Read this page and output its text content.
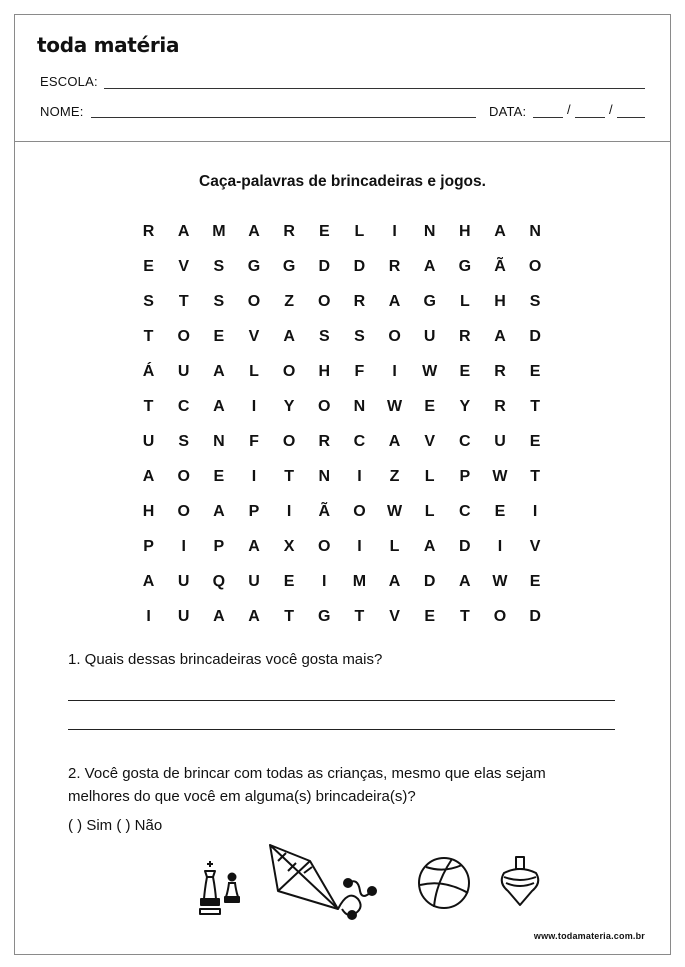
toda matéria
ESCOLA:
NOME:	DATA:	/	/
Caça-palavras de brincadeiras e jogos.
R	A	M	A	R	E	L	I	N	H	A	N
E	V	S	G	G	D	D	R	A	G	Ã	O
S	T	S	O	Z	O	R	A	G	L	H	S
T	O	E	V	A	S	S	O	U	R	A	D
Á	U	A	L	O	H	F	I	W	E	R	E
T	C	A	I	Y	O	N	W	E	Y	R	T
U	S	N	F	O	R	C	A	V	C	U	E
A	O	E	I	T	N	I	Z	L	P	W	T
H	O	A	P	I	Ã	O	W	L	C	E	I
P	I	P	A	X	O	I	L	A	D	I	V
A	U	Q	U	E	I	M	A	D	A	W	E
I	U	A	A	T	G	T	V	E	T	O	D
1. Quais dessas brincadeiras você gosta mais?
2. Você gosta de brincar com todas as crianças, mesmo que elas sejam
melhores do que você em alguma(s) brincadeira(s)?
( ) Sim ( ) Não
www.todamateria.com.br
